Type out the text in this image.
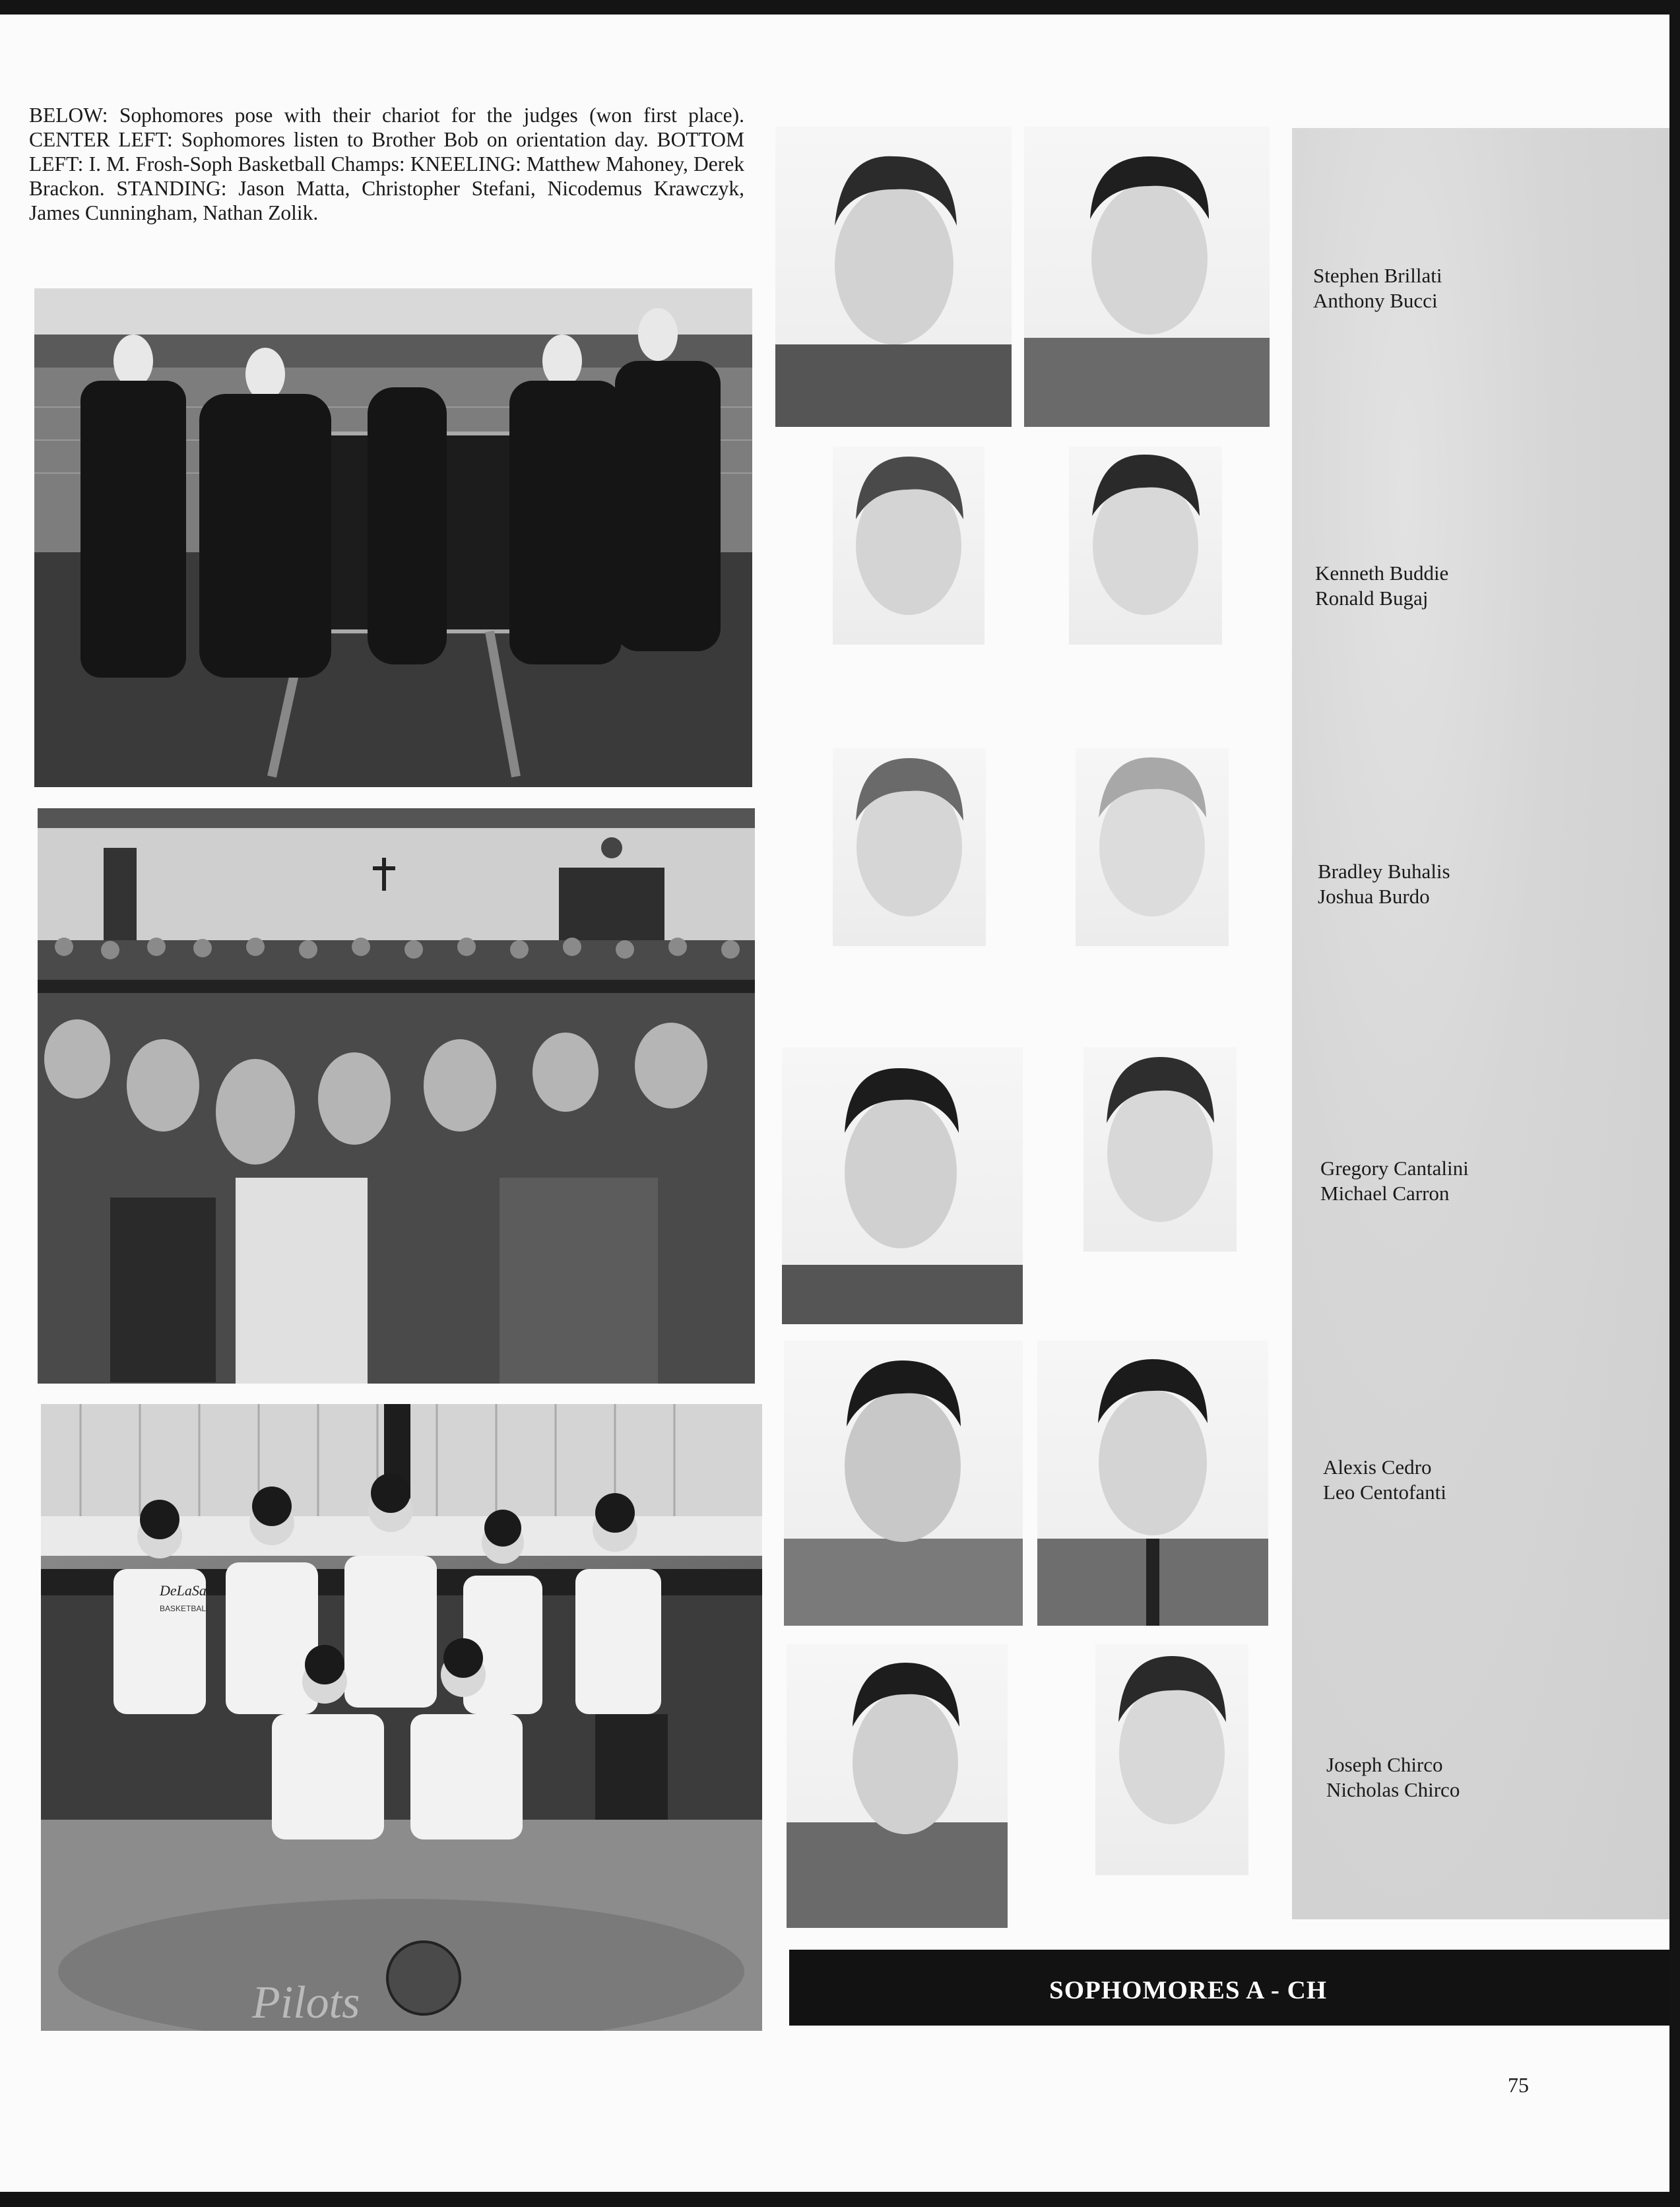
BELOW: Sophomores pose with their chariot for the judges (won first place). CENTER LEFT: Sophomores listen to Brother Bob on orientation day. BOTTOM LEFT: I. M. Frosh-Soph Basketball Champs: KNEELING: Matthew Mahoney, Derek Brackon. STANDING: Jason Matta, Christopher Stefani, Nicodemus Krawczyk, James Cunningham, Nathan Zolik.

DeLaSalle
BASKETBALL
Pilots
Stephen Brillati
Anthony Bucci
Kenneth Buddie
Ronald Bugaj
Bradley Buhalis
Joshua Burdo
Gregory Cantalini
Michael Carron
Alexis Cedro
Leo Centofanti
Joseph Chirco
Nicholas Chirco
SOPHOMORES A - CH
75
